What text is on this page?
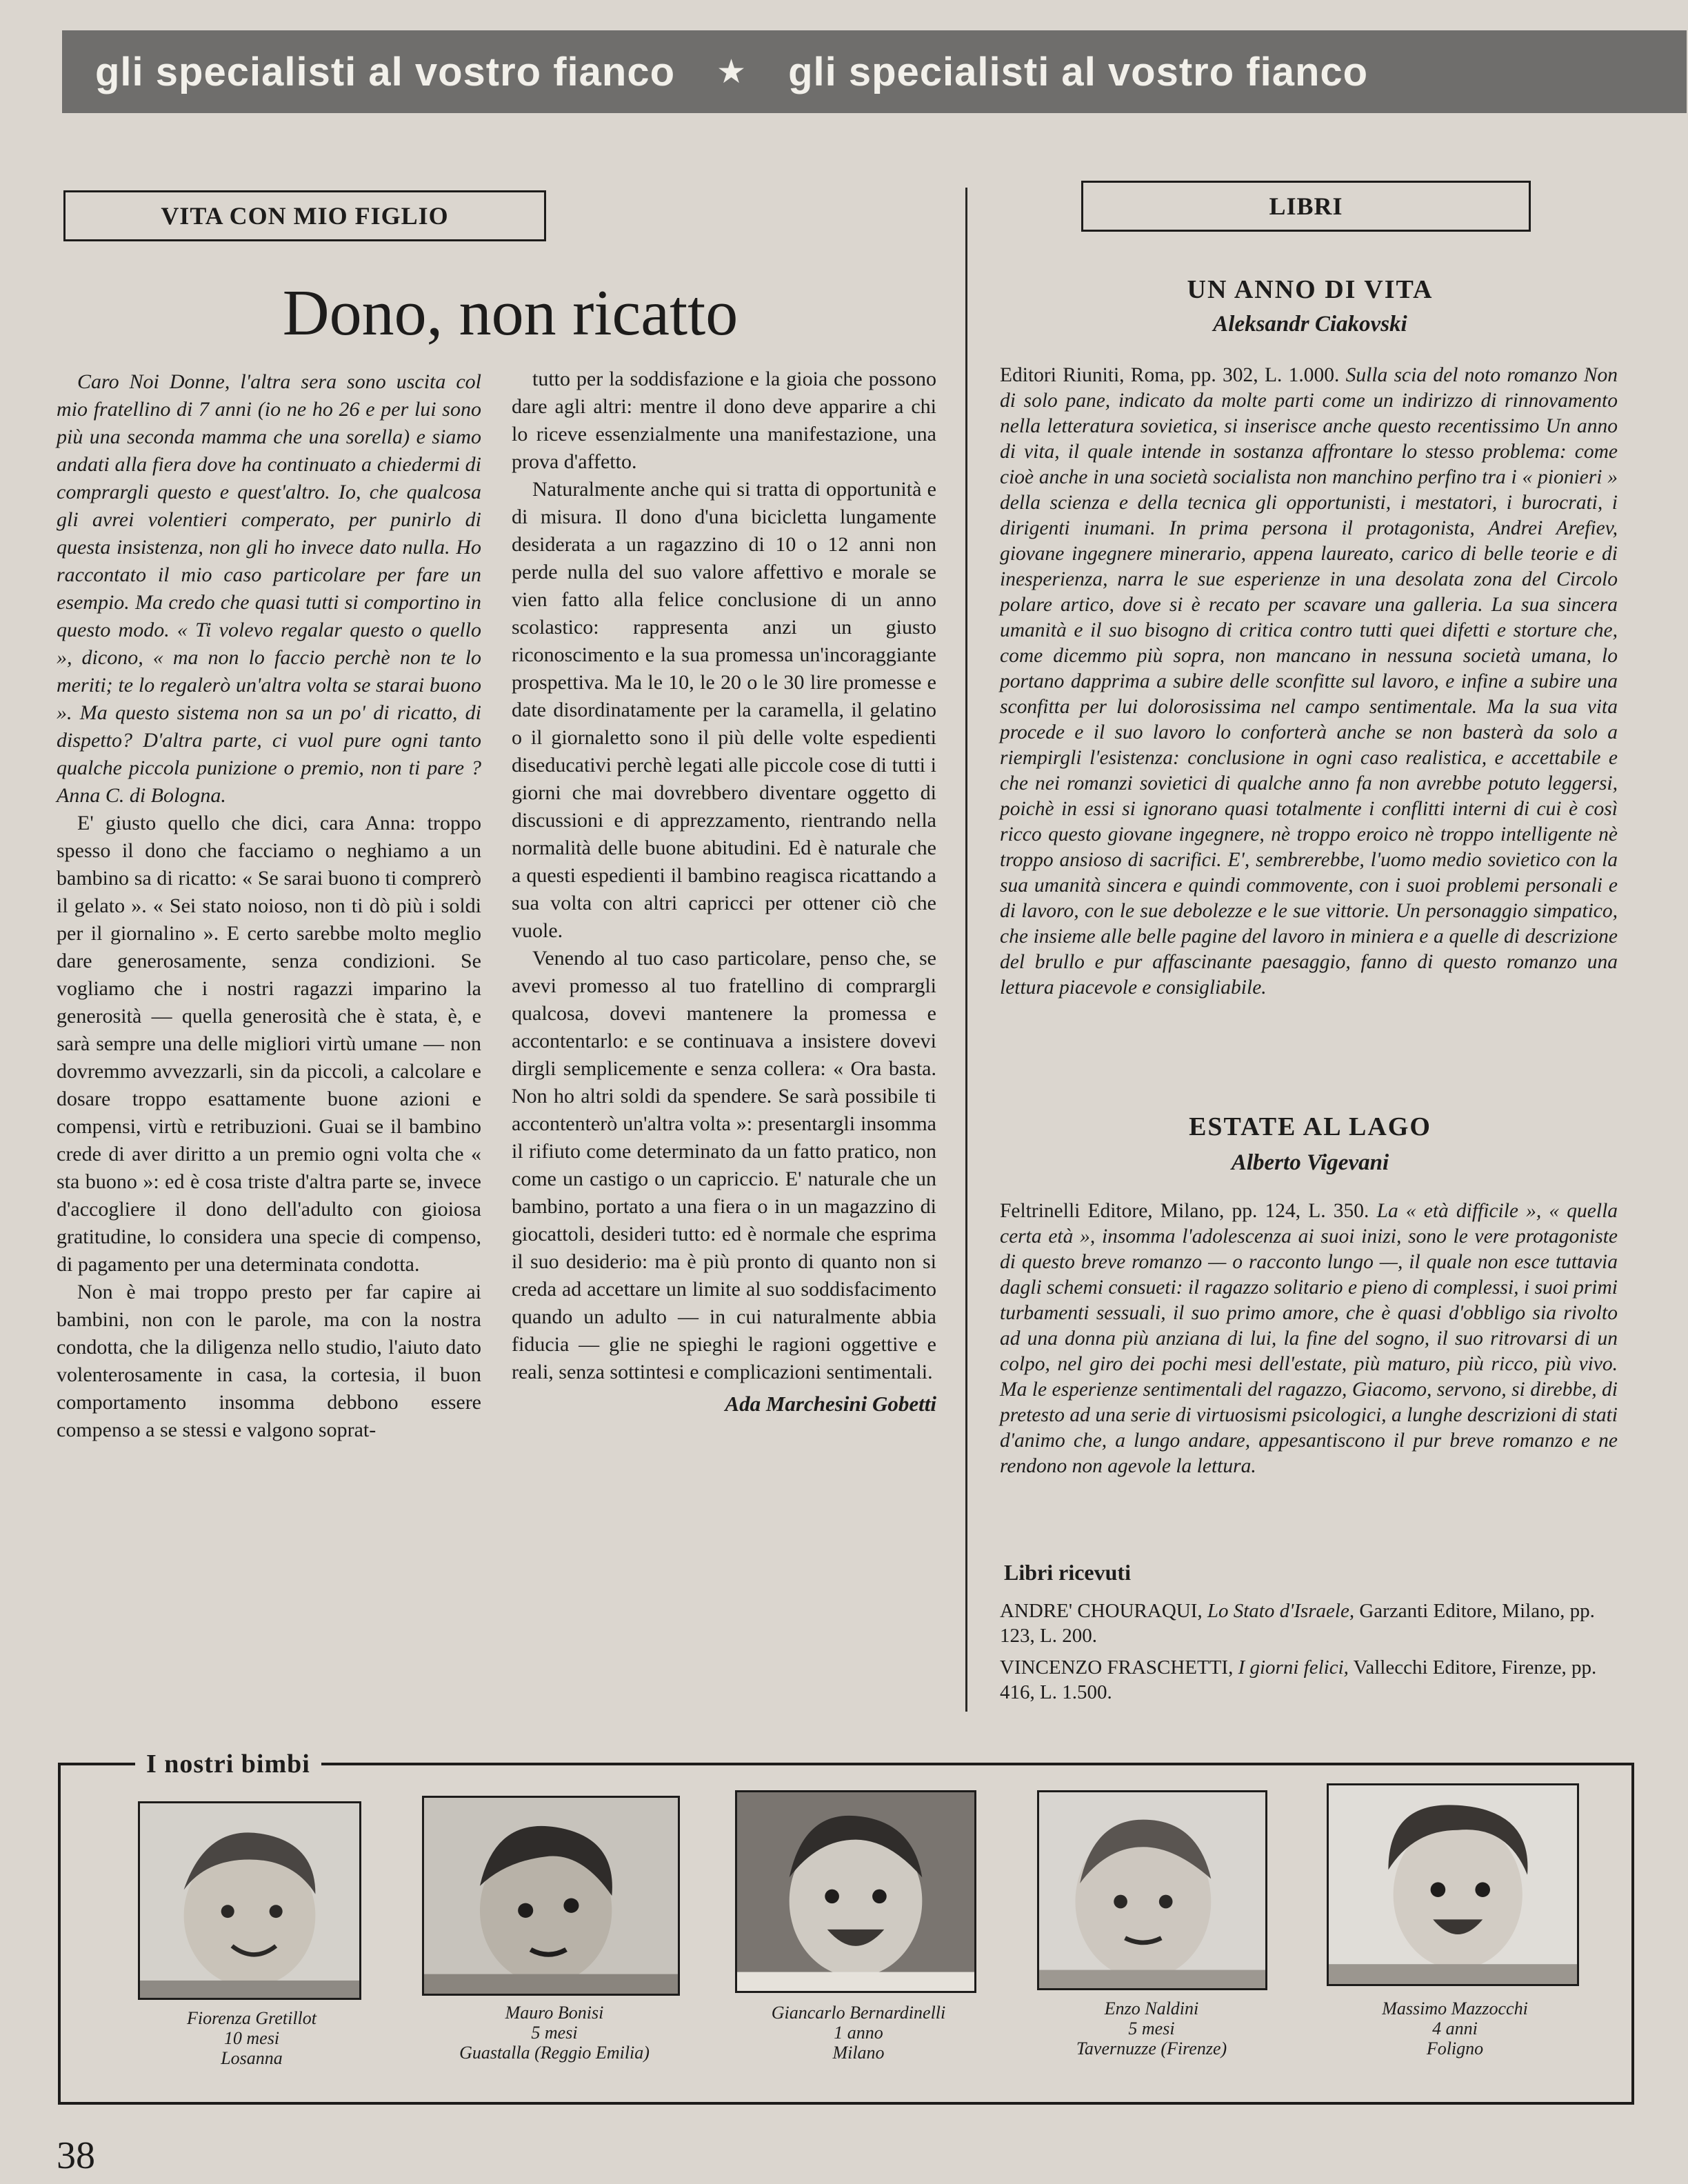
gli specialisti al vostro fianco ★ gli specialisti al vostro fianco
VITA CON MIO FIGLIO
Dono, non ricatto

Caro Noi Donne, l'altra sera sono uscita col mio fratellino di 7 anni (io ne ho 26 e per lui sono più una seconda mamma che una sorella) e siamo andati alla fiera dove ha continuato a chiedermi di comprargli questo e quest'altro. Io, che qualcosa gli avrei volentieri comperato, per punirlo di questa insistenza, non gli ho invece dato nulla. Ho raccontato il mio caso particolare per fare un esempio. Ma credo che quasi tutti si comportino in questo modo. « Ti volevo regalar questo o quello », dicono, « ma non lo faccio perchè non te lo meriti; te lo regalerò un'altra volta se starai buono ». Ma questo sistema non sa un po' di ricatto, di dispetto? D'altra parte, ci vuol pure ogni tanto qualche piccola punizione o premio, non ti pare ? Anna C. di Bologna.

E' giusto quello che dici, cara Anna: troppo spesso il dono che facciamo o neghiamo a un bambino sa di ricatto: « Se sarai buono ti comprerò il gelato ». « Sei stato noioso, non ti dò più i soldi per il giornalino ». E certo sarebbe molto meglio dare generosamente, senza condizioni. Se vogliamo che i nostri ragazzi imparino la generosità — quella generosità che è stata, è, e sarà sempre una delle migliori virtù umane — non dovremmo avvezzarli, sin da piccoli, a calcolare e dosare troppo esattamente buone azioni e compensi, virtù e retribuzioni. Guai se il bambino crede di aver diritto a un premio ogni volta che « sta buono »: ed è cosa triste d'altra parte se, invece d'accogliere il dono dell'adulto con gioiosa gratitudine, lo considera una specie di compenso, di pagamento per una determinata condotta.

Non è mai troppo presto per far capire ai bambini, non con le parole, ma con la nostra condotta, che la diligenza nello studio, l'aiuto dato volenterosamente in casa, la cortesia, il buon comportamento insomma debbono essere compenso a se stessi e valgono soprat-

tutto per la soddisfazione e la gioia che possono dare agli altri: mentre il dono deve apparire a chi lo riceve essenzialmente una manifestazione, una prova d'affetto.

Naturalmente anche qui si tratta di opportunità e di misura. Il dono d'una bicicletta lungamente desiderata a un ragazzino di 10 o 12 anni non perde nulla del suo valore affettivo e morale se vien fatto alla felice conclusione di un anno scolastico: rappresenta anzi un giusto riconoscimento e la sua promessa un'incoraggiante prospettiva. Ma le 10, le 20 o le 30 lire promesse e date disordinatamente per la caramella, il gelatino o il giornaletto sono il più delle volte espedienti diseducativi perchè legati alle piccole cose di tutti i giorni che mai dovrebbero diventare oggetto di discussioni e di apprezzamento, rientrando nella normalità delle buone abitudini. Ed è naturale che a questi espedienti il bambino reagisca ricattando a sua volta con altri capricci per ottener ciò che vuole.

Venendo al tuo caso particolare, penso che, se avevi promesso al tuo fratellino di comprargli qualcosa, dovevi mantenere la promessa e accontentarlo: e se continuava a insistere dovevi dirgli semplicemente e senza collera: « Ora basta. Non ho altri soldi da spendere. Se sarà possibile ti accontenterò un'altra volta »: presentargli insomma il rifiuto come determinato da un fatto pratico, non come un castigo o un capriccio. E' naturale che un bambino, portato a una fiera o in un magazzino di giocattoli, desideri tutto: ed è normale che esprima il suo desiderio: ma è più pronto di quanto non si creda ad accettare un limite al suo soddisfacimento quando un adulto — in cui naturalmente abbia fiducia — glie ne spieghi le ragioni oggettive e reali, senza sottintesi e complicazioni sentimentali.

Ada Marchesini Gobetti

LIBRI
UN ANNO DI VITA
Aleksandr Ciakovski
Editori Riuniti, Roma, pp. 302, L. 1.000. Sulla scia del noto romanzo Non di solo pane, indicato da molte parti come un indirizzo di rinnovamento nella letteratura sovietica, si inserisce anche questo recentissimo Un anno di vita, il quale intende in sostanza affrontare lo stesso problema: come cioè anche in una società socialista non manchino perfino tra i « pionieri » della scienza e della tecnica gli opportunisti, i mestatori, i burocrati, i dirigenti inumani. In prima persona il protagonista, Andrei Arefiev, giovane ingegnere minerario, appena laureato, carico di belle teorie e di inesperienza, narra le sue esperienze in una desolata zona del Circolo polare artico, dove si è recato per scavare una galleria. La sua sincera umanità e il suo bisogno di critica contro tutti quei difetti e storture che, come dicemmo più sopra, non mancano in nessuna società umana, lo portano dapprima a subire delle sconfitte sul lavoro, e infine a subire una sconfitta per lui dolorosissima nel campo sentimentale. Ma la sua vita procede e il suo lavoro lo conforterà anche se non basterà da solo a riempirgli l'esistenza: conclusione in ogni caso realistica, e accettabile e che nei romanzi sovietici di qualche anno fa non avrebbe potuto leggersi, poichè in essi si ignorano quasi totalmente i conflitti interni di cui è così ricco questo giovane ingegnere, nè troppo eroico nè troppo intelligente nè troppo ansioso di sacrifici. E', sembrerebbe, l'uomo medio sovietico con la sua umanità sincera e quindi commovente, con i suoi problemi personali e di lavoro, con le sue debolezze e le sue vittorie. Un personaggio simpatico, che insieme alle belle pagine del lavoro in miniera e a quelle di descrizione del brullo e pur affascinante paesaggio, fanno di questo romanzo una lettura piacevole e consigliabile.
ESTATE AL LAGO
Alberto Vigevani
Feltrinelli Editore, Milano, pp. 124, L. 350. La « età difficile », « quella certa età », insomma l'adolescenza ai suoi inizi, sono le vere protagoniste di questo breve romanzo — o racconto lungo —, il quale non esce tuttavia dagli schemi consueti: il ragazzo solitario e pieno di complessi, i suoi primi turbamenti sessuali, il suo primo amore, che è quasi d'obbligo sia rivolto ad una donna più anziana di lui, la fine del sogno, il suo ritrovarsi di un colpo, nel giro dei pochi mesi dell'estate, più maturo, più ricco, più vivo. Ma le esperienze sentimentali del ragazzo, Giacomo, servono, si direbbe, di pretesto ad una serie di virtuosismi psicologici, a lunghe descrizioni di stati d'animo che, a lungo andare, appesantiscono il pur breve romanzo e ne rendono non agevole la lettura.
Libri ricevuti
ANDRE' CHOURAQUI, Lo Stato d'Israele, Garzanti Editore, Milano, pp. 123, L. 200.
VINCENZO FRASCHETTI, I giorni felici, Vallecchi Editore, Firenze, pp. 416, L. 1.500.
I nostri bimbi
Fiorenza Gretillot
10 mesi
Losanna
Mauro Bonisi
5 mesi
Guastalla (Reggio Emilia)
Giancarlo Bernardinelli
1 anno
Milano
Enzo Naldini
5 mesi
Tavernuzze (Firenze)
Massimo Mazzocchi
4 anni
Foligno
38
